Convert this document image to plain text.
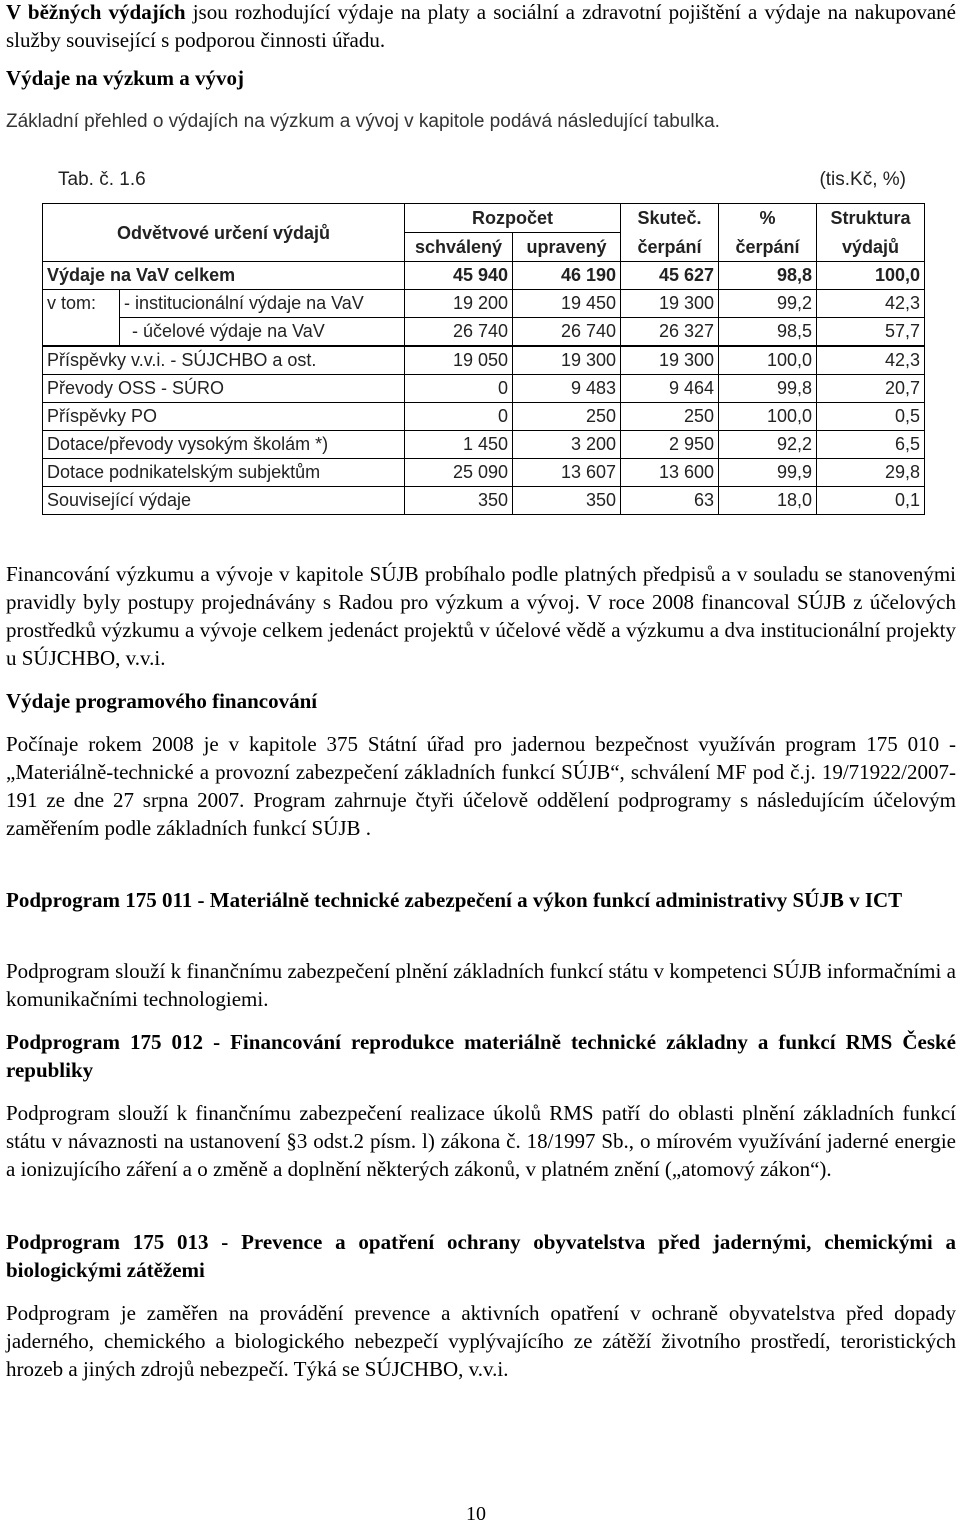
V běžných výdajích jsou rozhodující výdaje na platy a sociální a zdravotní pojištění a výdaje na nakupované služby související s podporou činnosti úřadu.

Výdaje na výzkum a vývoj

Základní přehled o výdajích na výzkum a vývoj v kapitole podává následující tabulka.

Tab. č. 1.6	(tis.Kč, %)
Odvětvové určení výdajů		Rozpočet		Skuteč.	%	Struktura
		schválený	upravený	čerpání	čerpání	výdajů
Výdaje na VaV celkem		45 940	46 190	45 627	98,8	100,0
v tom:	- institucionální výdaje na VaV	19 200	19 450	19 300	99,2	42,3
	- účelové výdaje na VaV	26 740	26 740	26 327	98,5	57,7
Příspěvky v.v.i. - SÚJCHBO a ost.		19 050	19 300	19 300	100,0	42,3
Převody OSS - SÚRO		0	9 483	9 464	99,8	20,7
Příspěvky PO		0	250	250	100,0	0,5
Dotace/převody vysokým školám *)		1 450	3 200	2 950	92,2	6,5
Dotace podnikatelským subjektům		25 090	13 607	13 600	99,9	29,8
Související výdaje		350	350	63	18,0	0,1

Financování výzkumu a vývoje v kapitole SÚJB probíhalo podle platných předpisů a v souladu se stanovenými pravidly byly postupy projednávány s Radou pro výzkum a vývoj. V roce 2008 financoval SÚJB z účelových prostředků výzkumu a vývoje celkem jedenáct projektů v účelové vědě a výzkumu a dva institucionální projekty u SÚJCHBO, v.v.i.

Výdaje programového financování

Počínaje rokem 2008 je v kapitole 375 Státní úřad pro jadernou bezpečnost využíván program 175 010 - „Materiálně-technické a provozní zabezpečení základních funkcí SÚJB“, schválení MF pod č.j. 19/71922/2007-191 ze dne 27 srpna 2007. Program zahrnuje čtyři účelově oddělení podprogramy s následujícím účelovým zaměřením podle základních funkcí SÚJB .

Podprogram 175 011 - Materiálně technické zabezpečení a výkon funkcí administrativy SÚJB v ICT

Podprogram slouží k finančnímu zabezpečení plnění základních funkcí státu v kompetenci SÚJB informačními a komunikačními technologiemi.

Podprogram 175 012 - Financování reprodukce materiálně technické základny a funkcí RMS České republiky

Podprogram slouží k finančnímu zabezpečení realizace úkolů RMS patří do oblasti plnění základních funkcí státu v návaznosti na ustanovení §3 odst.2 písm. l) zákona č. 18/1997 Sb., o mírovém využívání jaderné energie a ionizujícího záření a o změně a doplnění některých zákonů, v platném znění („atomový zákon“).

Podprogram 175 013 - Prevence a opatření ochrany obyvatelstva před jadernými, chemickými a biologickými zátěžemi

Podprogram je zaměřen na provádění prevence a aktivních opatření v ochraně obyvatelstva před dopady jaderného, chemického a biologického nebezpečí vyplývajícího ze zátěží životního prostředí, teroristických hrozeb a jiných zdrojů nebezpečí. Týká se SÚJCHBO, v.v.i.

10
